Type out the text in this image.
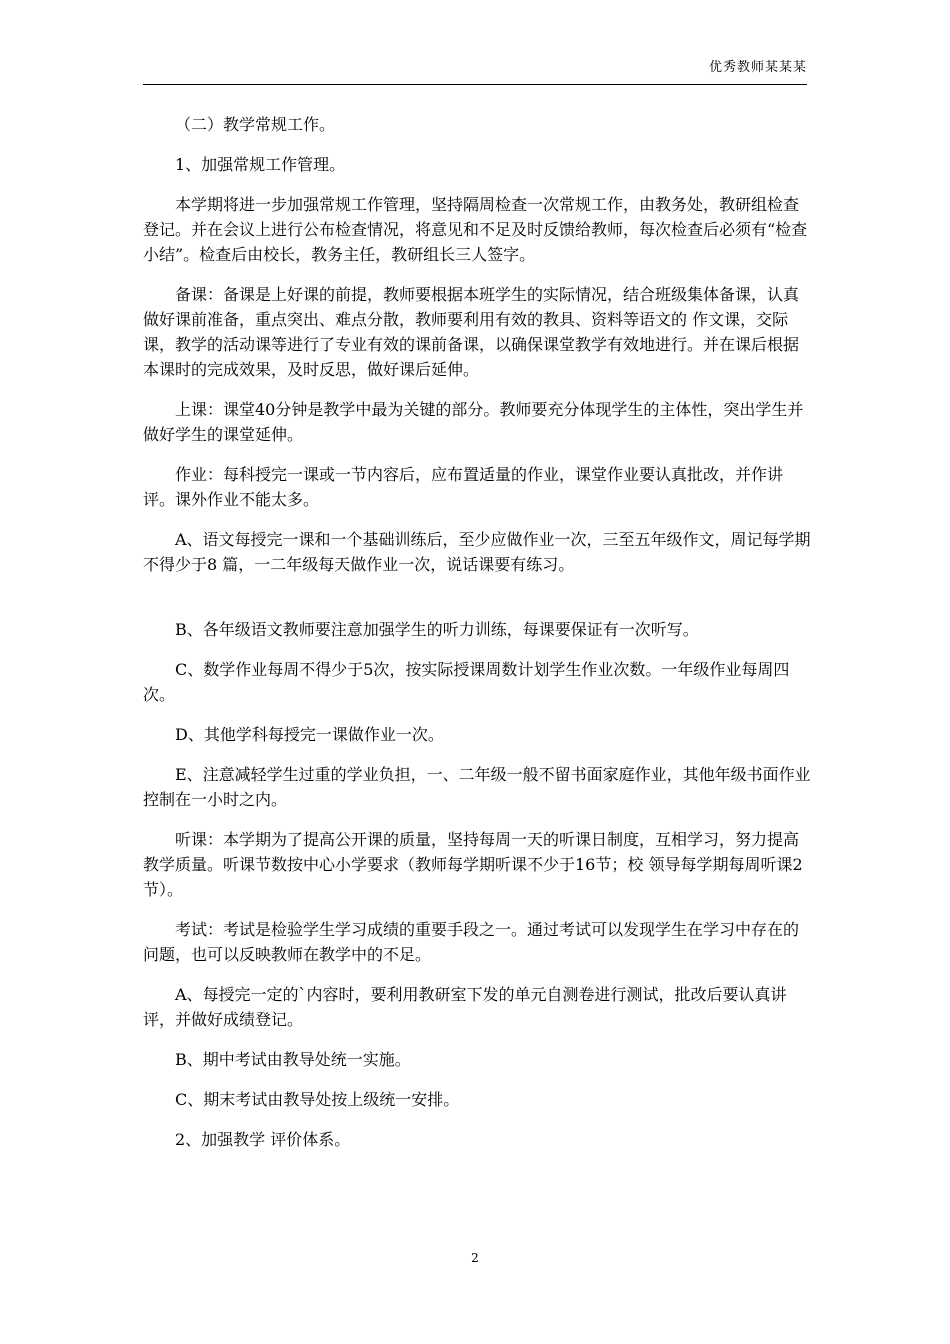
优秀教师某某某

（二）教学常规工作。

1、加强常规工作管理。

本学期将进一步加强常规工作管理，坚持隔周检查一次常规工作，由教务处，教研组检查登记。并在会议上进行公布检查情况，将意见和不足及时反馈给教师，每次检查后必须有“检查 小结”。检查后由校长，教务主任，教研组长三人签字。

备课：备课是上好课的前提，教师要根据本班学生的实际情况，结合班级集体备课，认真做好课前准备，重点突出、难点分散，教师要利用有效的教具、资料等语文的 作文课，交际课，教学的活动课等进行了专业有效的课前备课，以确保课堂教学有效地进行。并在课后根据本课时的完成效果，及时反思，做好课后延伸。

上课：课堂40分钟是教学中最为关键的部分。教师要充分体现学生的主体性，突出学生并做好学生的课堂延伸。

作业：每科授完一课或一节内容后，应布置适量的作业，课堂作业要认真批改，并作讲评。课外作业不能太多。

A、语文每授完一课和一个基础训练后，至少应做作业一次，三至五年级作文，周记每学期不得少于8 篇，一二年级每天做作业一次，说话课要有练习。

B、各年级语文教师要注意加强学生的听力训练，每课要保证有一次听写。

C、数学作业每周不得少于5次，按实际授课周数计划学生作业次数。一年级作业每周四次。

D、其他学科每授完一课做作业一次。

E、注意减轻学生过重的学业负担，一、二年级一般不留书面家庭作业，其他年级书面作业控制在一小时之内。

听课：本学期为了提高公开课的质量，坚持每周一天的听课日制度，互相学习，努力提高教学质量。听课节数按中心小学要求（教师每学期听课不少于16节；校 领导每学期每周听课2节）。

考试：考试是检验学生学习成绩的重要手段之一。通过考试可以发现学生在学习中存在的问题，也可以反映教师在教学中的不足。

A、每授完一定的`内容时，要利用教研室下发的单元自测卷进行测试，批改后要认真讲评，并做好成绩登记。

B、期中考试由教导处统一实施。

C、期末考试由教导处按上级统一安排。

2、加强教学 评价体系。

2
